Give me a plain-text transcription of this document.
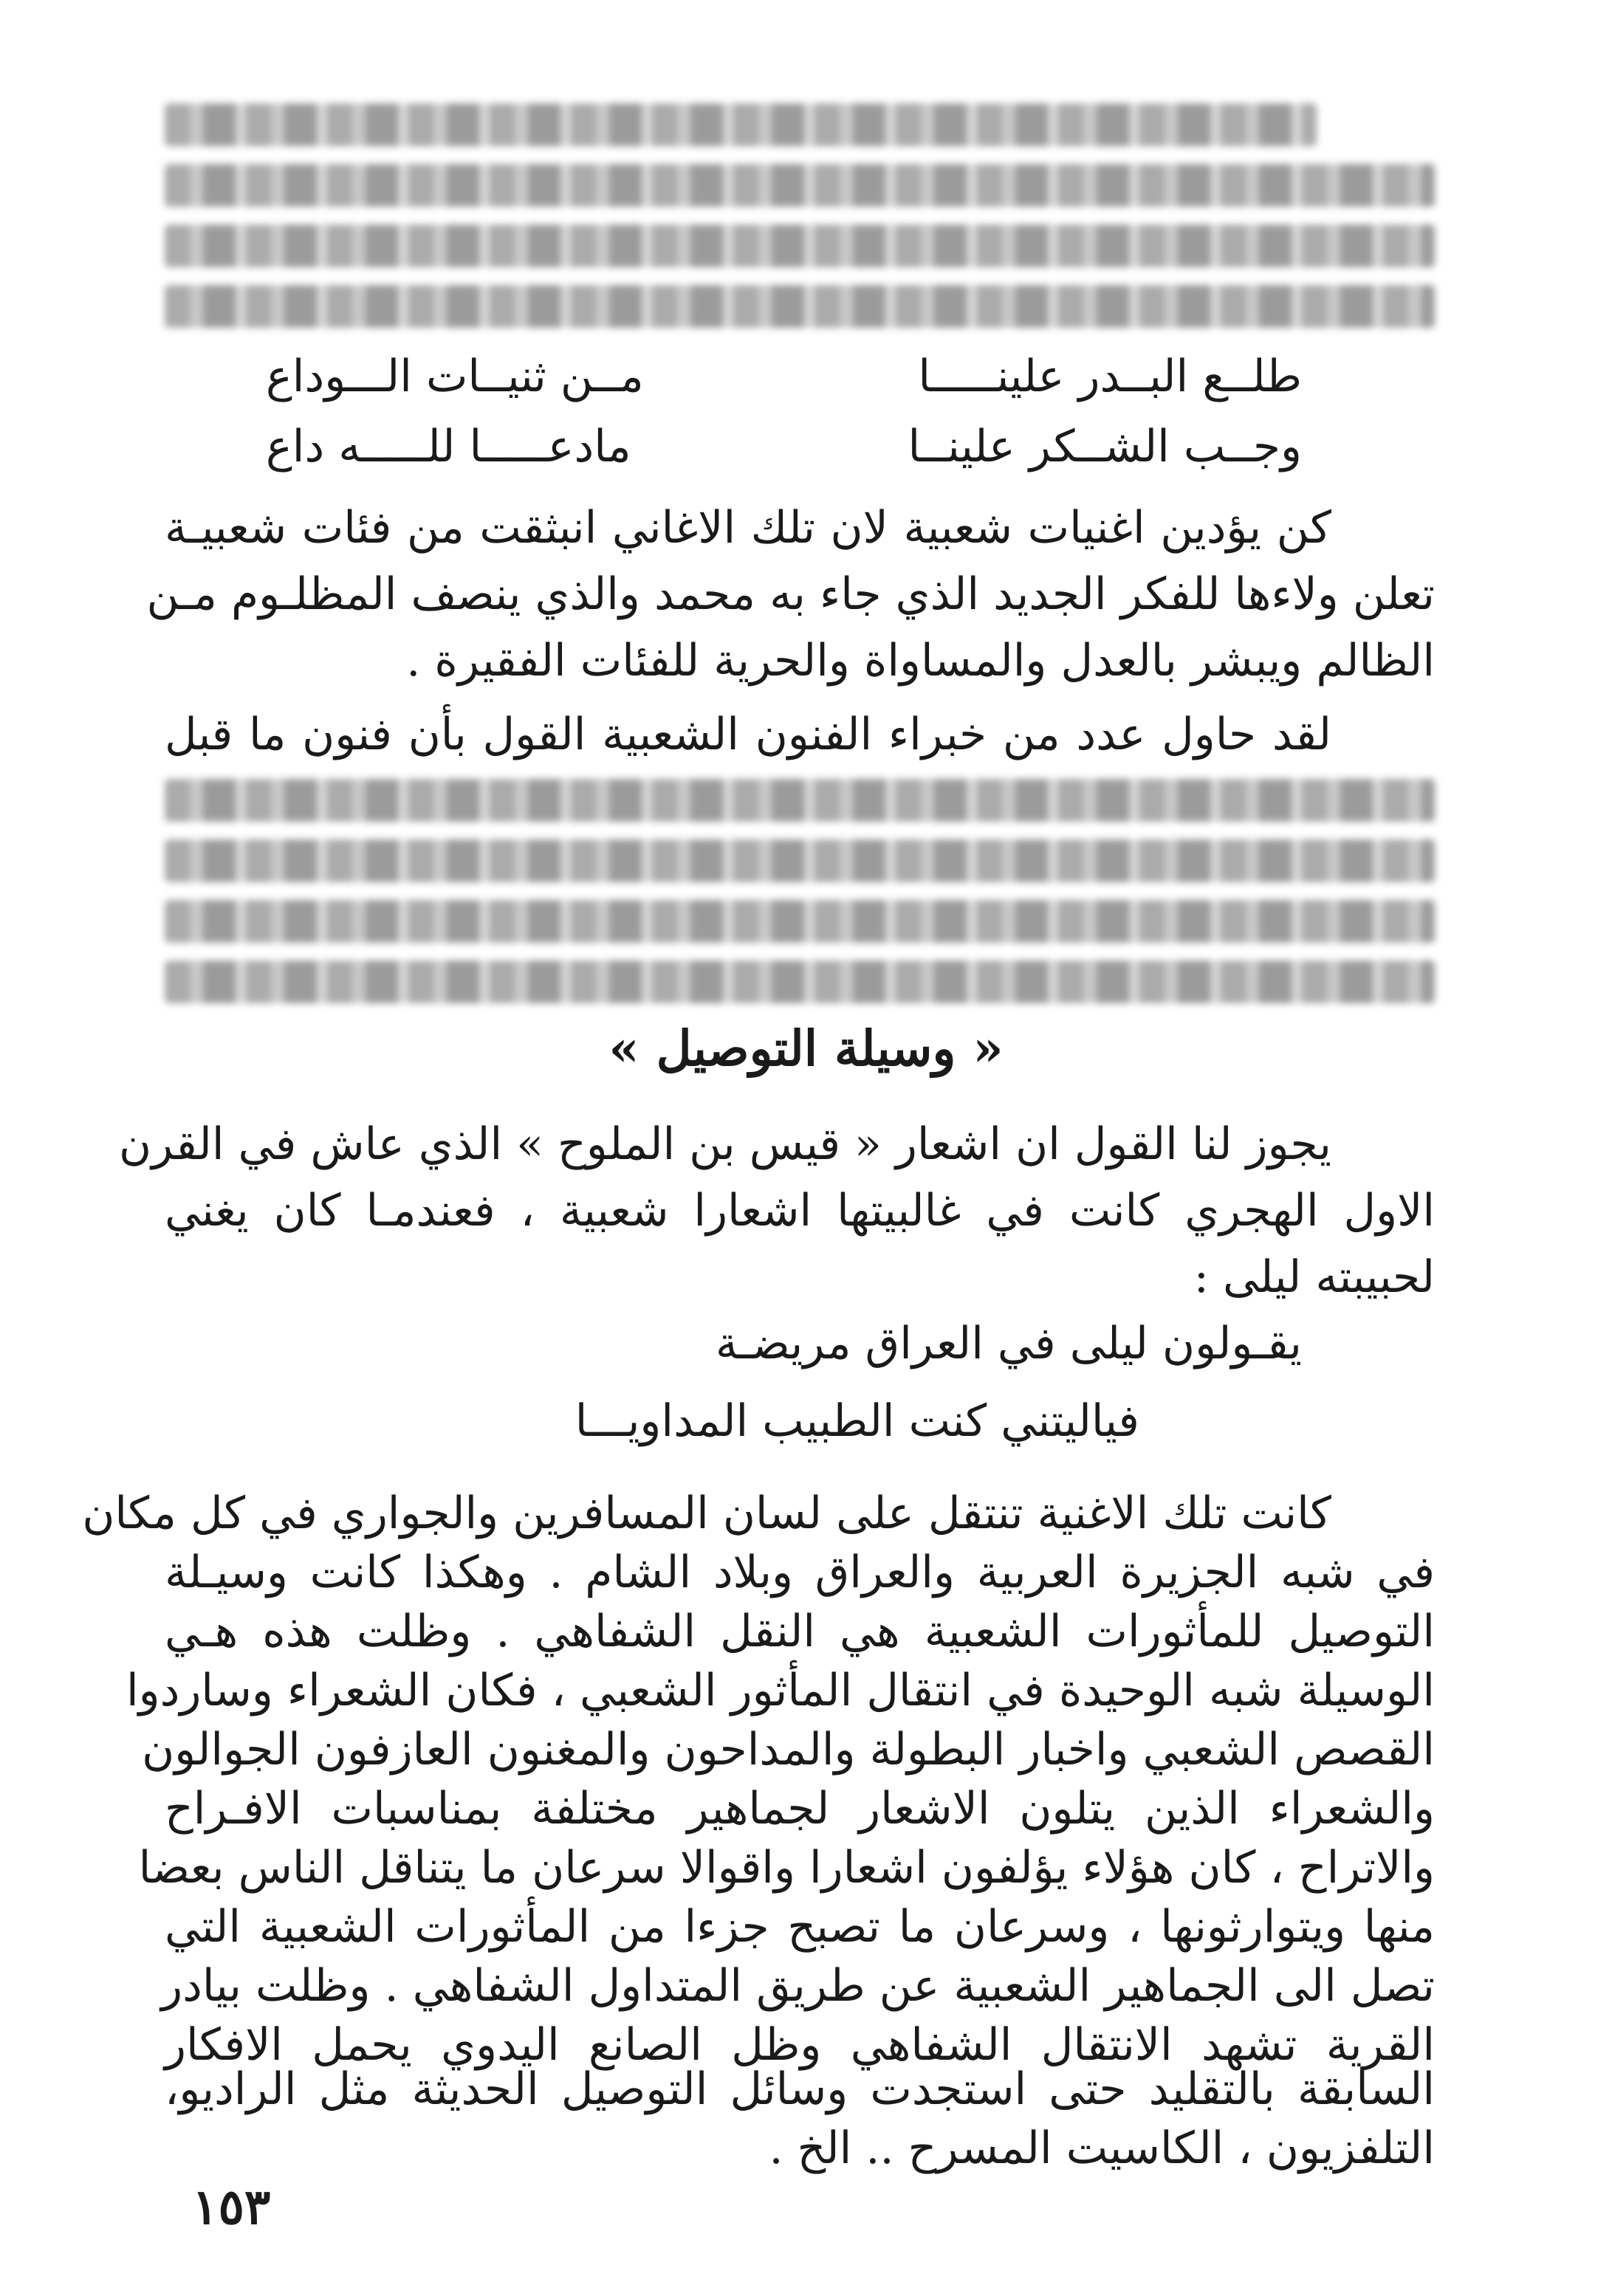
طلــع البــدر علينـــــا
مــن ثنيــات الـــوداع
وجــب الشــكر علينــا
مادعـــــا للـــــه داع
كن يؤدين اغنيات شعبية لان تلك الاغاني انبثقت من فئات شعبيـة
تعلن ولاءها للفكر الجديد الذي جاء به محمد والذي ينصف المظلـوم مـن
الظالم ويبشر بالعدل والمساواة والحرية للفئات الفقيرة .
لقد حاول عدد من خبراء الفنون الشعبية القول بأن فنون ما قبل
« وسيلة التوصيل »
يجوز لنا القول ان اشعار « قيس بن الملوح » الذي عاش في القرن
الاول الهجري كانت في غالبيتها اشعارا شعبية ، فعندمـا كان يغني
لحبيبته ليلى :
يقـولون ليلى في العراق مريضـة
فياليتني كنت الطبيب المداويـــا
كانت تلك الاغنية تنتقل على لسان المسافرين والجواري في كل مكان
في شبه الجزيرة العربية والعراق وبلاد الشام . وهكذا كانت وسيـلة
التوصيل للمأثورات الشعبية هي النقل الشفاهي . وظلت هذه هـي
الوسيلة شبه الوحيدة في انتقال المأثور الشعبي ، فكان الشعراء وساردوا
القصص الشعبي واخبار البطولة والمداحون والمغنون العازفون الجوالون
والشعراء الذين يتلون الاشعار لجماهير مختلفة بمناسبات الافـراح
والاتراح ، كان هؤلاء يؤلفون اشعارا واقوالا سرعان ما يتناقل الناس بعضا
منها ويتوارثونها ، وسرعان ما تصبح جزءا من المأثورات الشعبية التي
تصل الى الجماهير الشعبية عن طريق المتداول الشفاهي . وظلت بيادر
القرية تشهد الانتقال الشفاهي وظل الصانع اليدوي يحمل الافكار
السابقة بالتقليد حتى استجدت وسائل التوصيل الحديثة مثل الراديو،
التلفزيون ، الكاسيت المسرح .. الخ .
١٥٣
